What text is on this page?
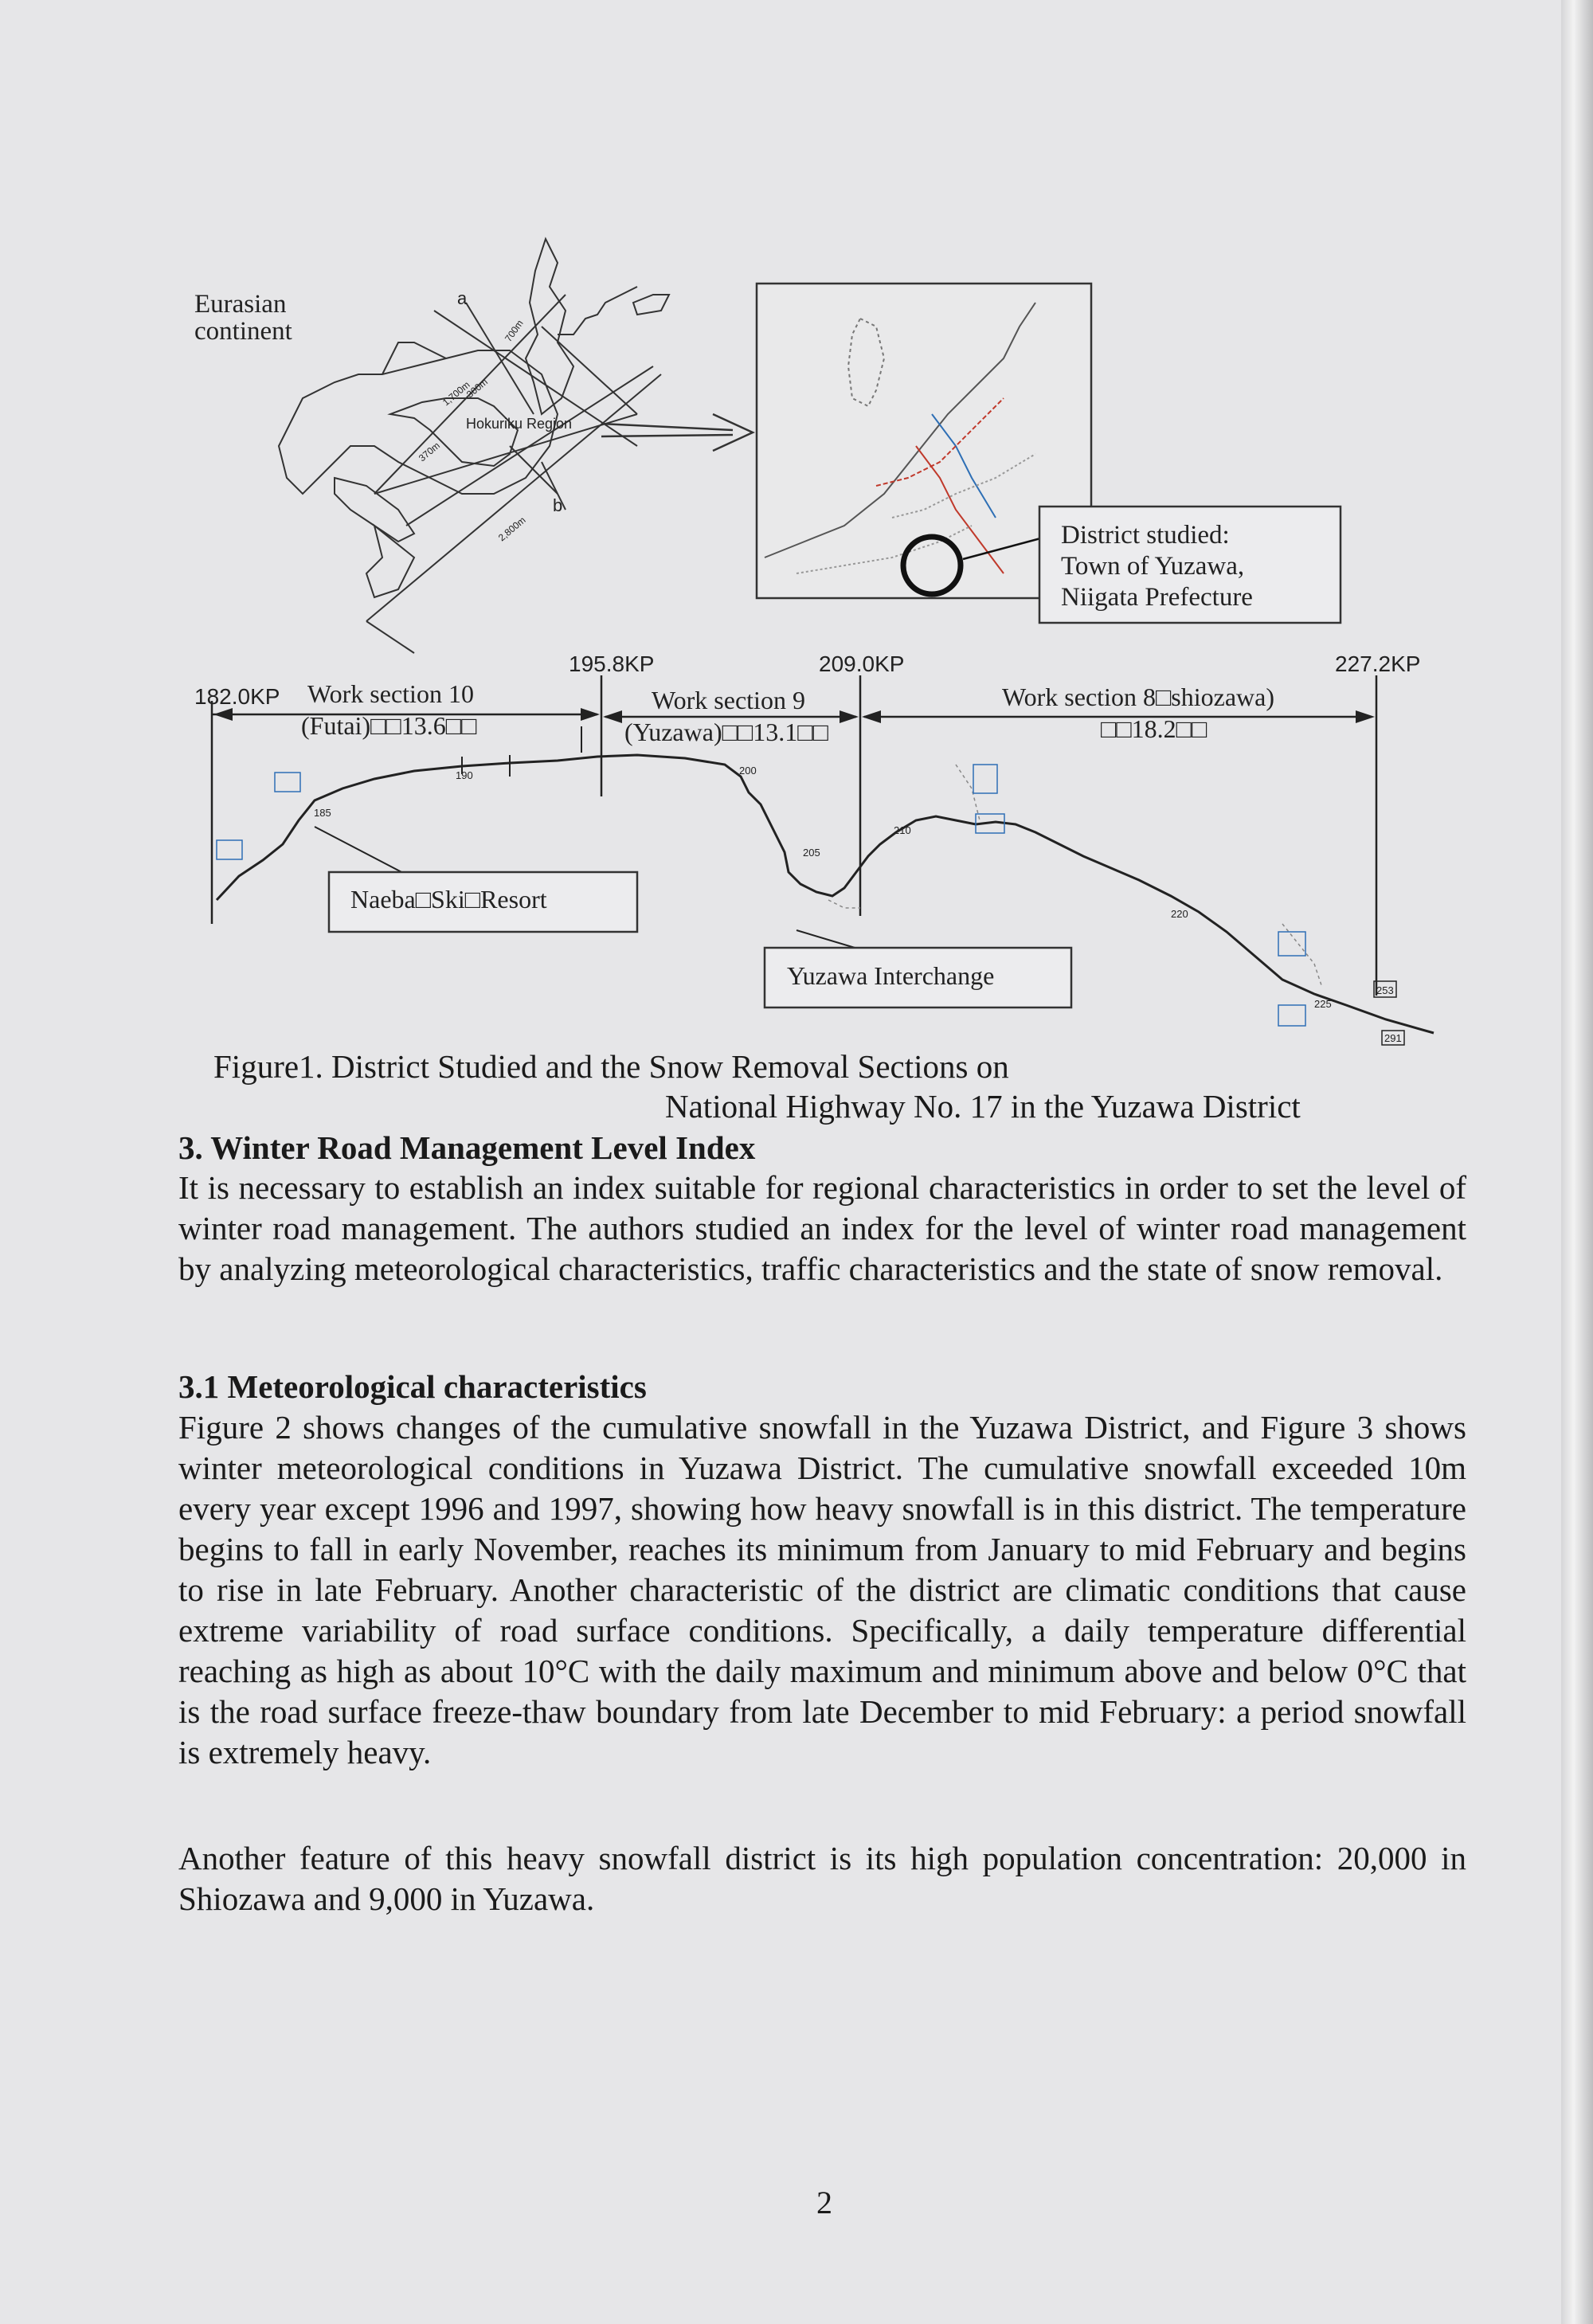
Eurasian
continent
Hokuriku Region
a
b
1,700m
300m
370m
2,800m
700m
District studied:
Town of Yuzawa,
Niigata Prefecture
182.0KP
195.8KP	209.0KP	227.2KP
Work section 10
(Futai)□□13.6□□
Work section 9
(Yuzawa)□□13.1□□
Work section 8□shiozawa)
□□18.2□□
185
190	200
205
210
220
225
253
291
Naeba□Ski□Resort
Yuzawa Interchange
Figure1. District Studied and the Snow Removal Sections on
National Highway No. 17 in the Yuzawa District
3. Winter Road Management Level Index

It is necessary to establish an index suitable for regional characteristics in order to set the level of winter road management. The authors studied an index for the level of winter road management by analyzing meteorological characteristics, traffic characteristics and the state of snow removal.

3.1 Meteorological characteristics

Figure 2 shows changes of the cumulative snowfall in the Yuzawa District, and Figure 3 shows winter meteorological conditions in Yuzawa District. The cumulative snowfall exceeded 10m every year except 1996 and 1997, showing how heavy snowfall is in this district. The temperature begins to fall in early November, reaches its minimum from January to mid February and begins to rise in late February. Another characteristic of the district are climatic conditions that cause extreme variability of road surface conditions. Specifically, a daily temperature differential reaching as high as about 10°C with the daily maximum and minimum above and below 0°C that is the road surface freeze-thaw boundary from late December to mid February: a period snowfall is extremely heavy.

Another feature of this heavy snowfall district is its high population concentration: 20,000 in Shiozawa and 9,000 in Yuzawa.

2
